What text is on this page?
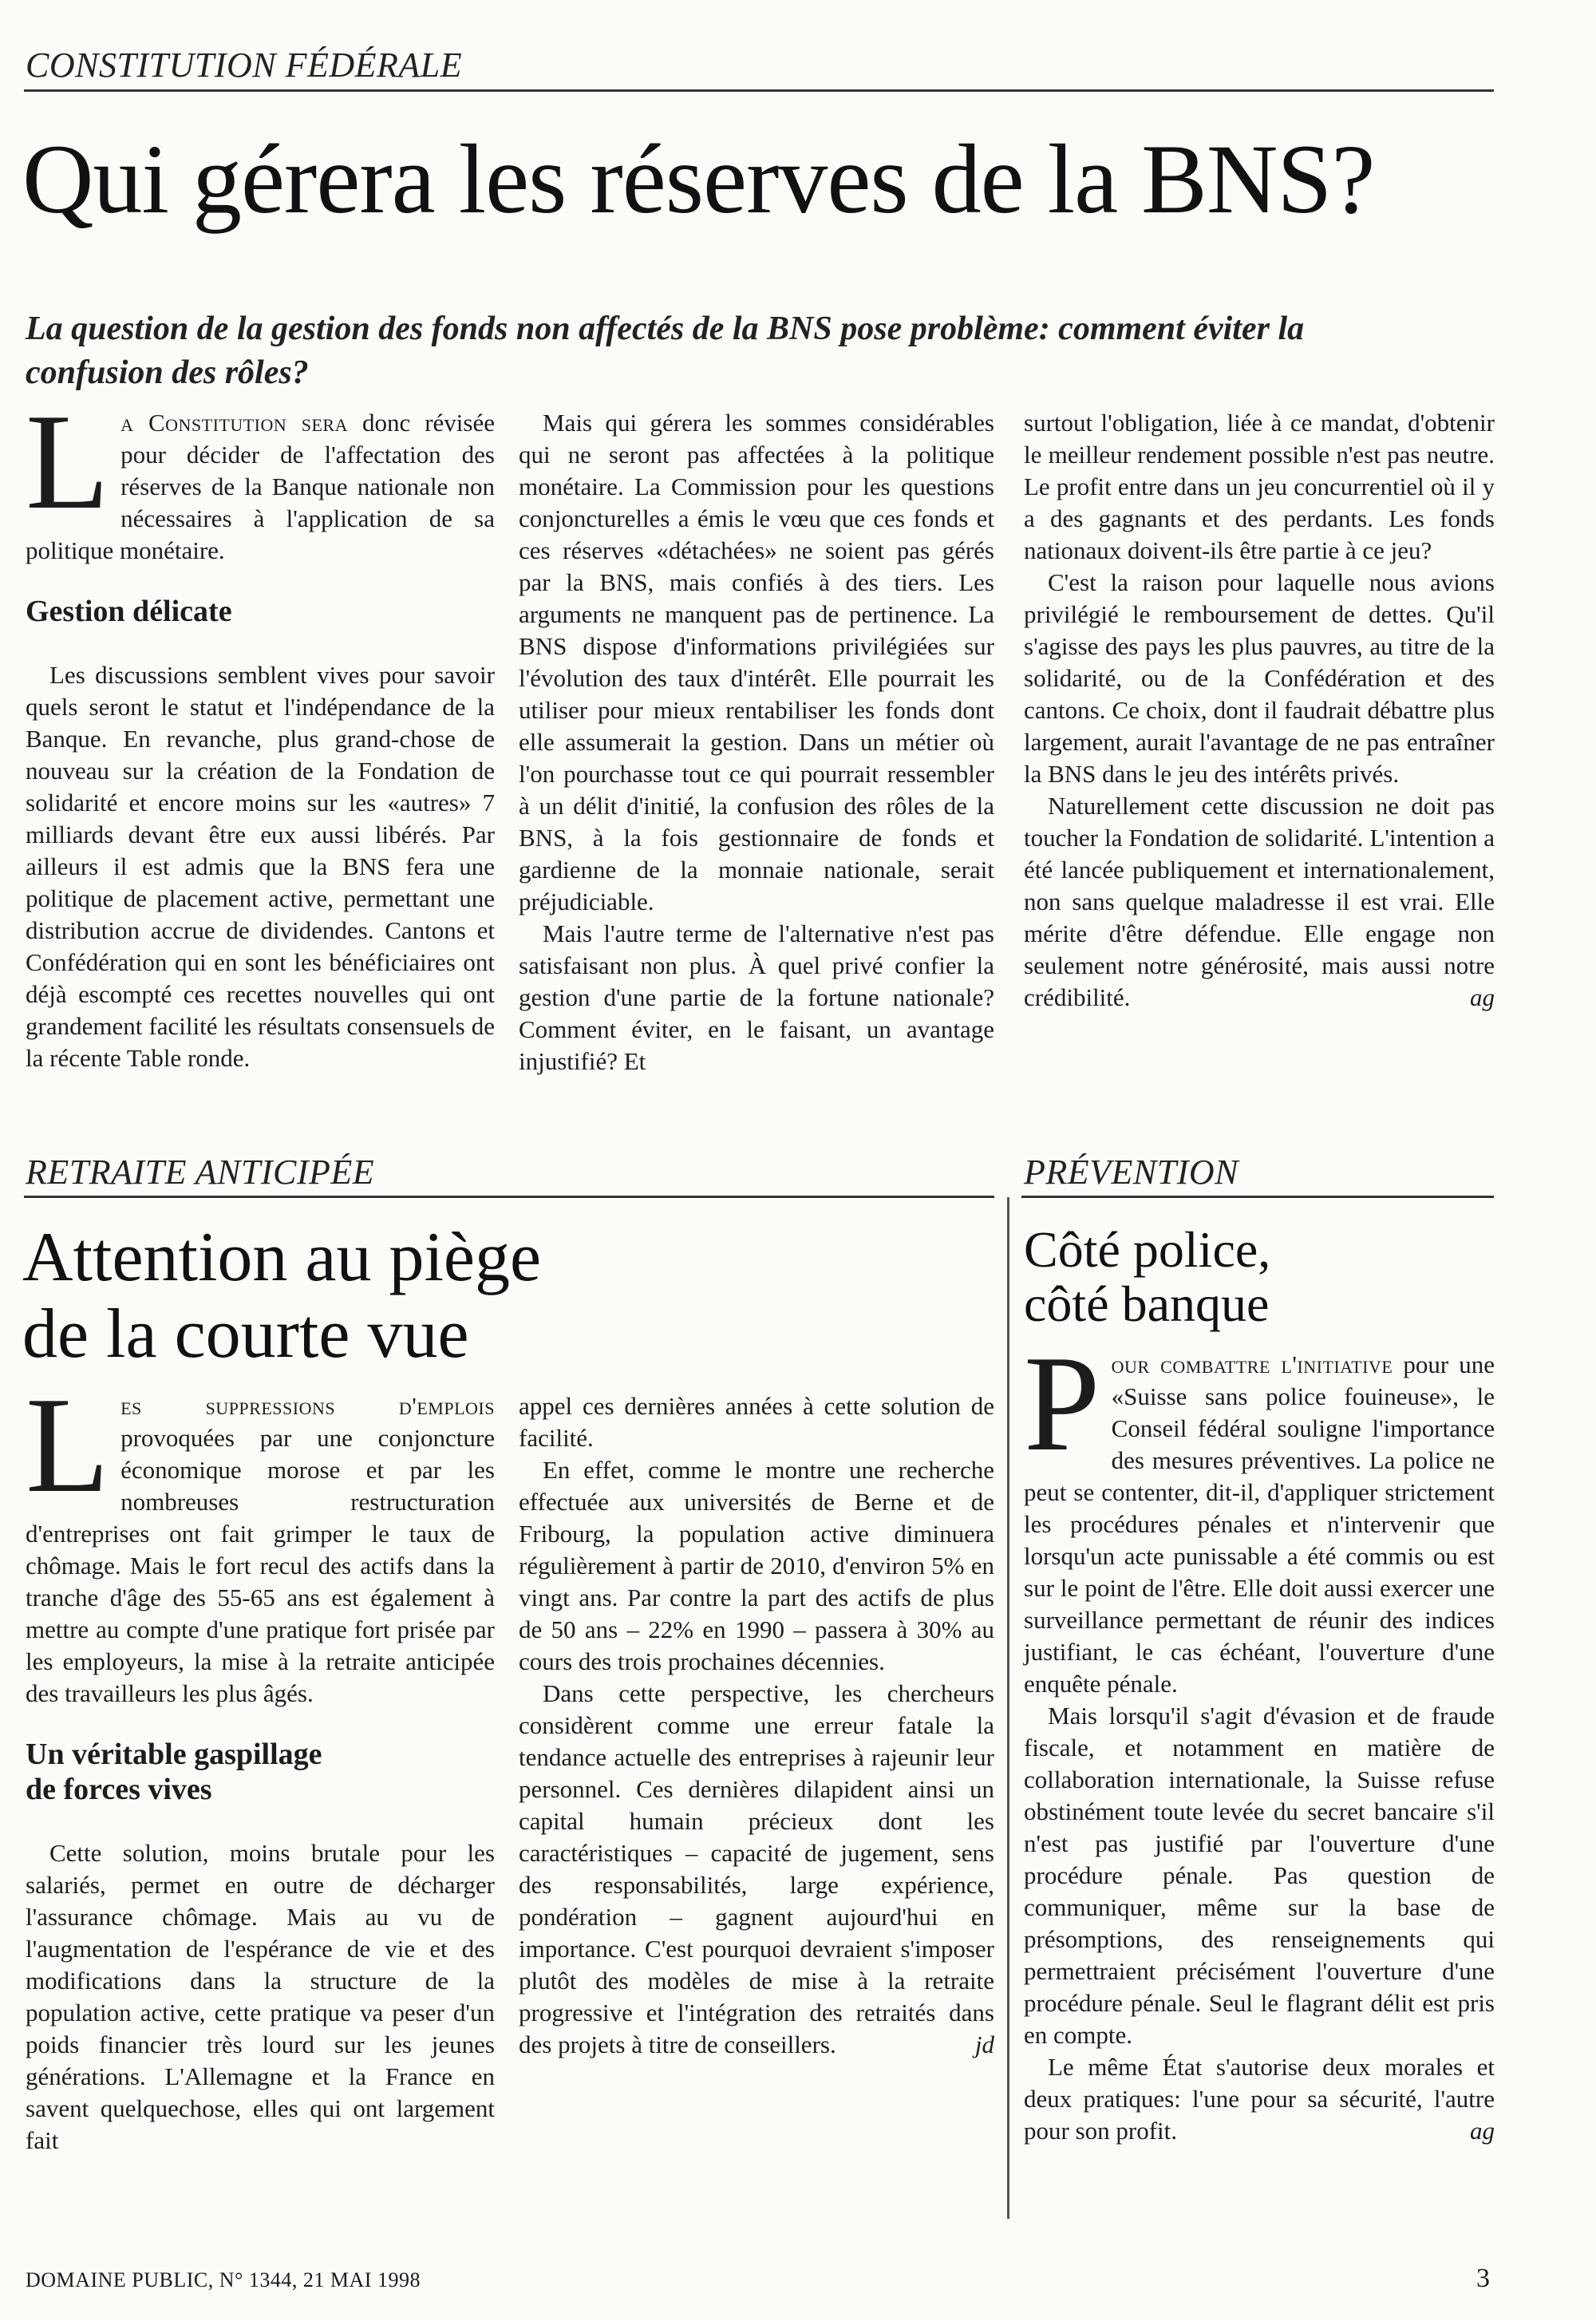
CONSTITUTION FÉDÉRALE
Qui gérera les réserves de la BNS?
La question de la gestion des fonds non affectés de la BNS pose problème: comment éviter la confusion des rôles?

La Constitution sera donc révisée pour décider de l'affectation des réserves de la Banque nationale non nécessaires à l'application de sa politique monétaire.

Gestion délicate

Les discussions semblent vives pour savoir quels seront le statut et l'indépendance de la Banque. En revanche, plus grand-chose de nouveau sur la création de la Fondation de solidarité et encore moins sur les «autres» 7 milliards devant être eux aussi libérés. Par ailleurs il est admis que la BNS fera une politique de placement active, permettant une distribution accrue de dividendes. Cantons et Confédération qui en sont les bénéficiaires ont déjà escompté ces recettes nouvelles qui ont grandement facilité les résultats consensuels de la récente Table ronde.

Mais qui gérera les sommes considérables qui ne seront pas affectées à la politique monétaire. La Commission pour les questions conjoncturelles a émis le vœu que ces fonds et ces réserves «détachées» ne soient pas gérés par la BNS, mais confiés à des tiers. Les arguments ne manquent pas de pertinence. La BNS dispose d'informations privilégiées sur l'évolution des taux d'intérêt. Elle pourrait les utiliser pour mieux rentabiliser les fonds dont elle assumerait la gestion. Dans un métier où l'on pourchasse tout ce qui pourrait ressembler à un délit d'initié, la confusion des rôles de la BNS, à la fois gestionnaire de fonds et gardienne de la monnaie nationale, serait préjudiciable.

Mais l'autre terme de l'alternative n'est pas satisfaisant non plus. À quel privé confier la gestion d'une partie de la fortune nationale? Comment éviter, en le faisant, un avantage injustifié? Et

surtout l'obligation, liée à ce mandat, d'obtenir le meilleur rendement possible n'est pas neutre. Le profit entre dans un jeu concurrentiel où il y a des gagnants et des perdants. Les fonds nationaux doivent-ils être partie à ce jeu?

C'est la raison pour laquelle nous avions privilégié le remboursement de dettes. Qu'il s'agisse des pays les plus pauvres, au titre de la solidarité, ou de la Confédération et des cantons. Ce choix, dont il faudrait débattre plus largement, aurait l'avantage de ne pas entraîner la BNS dans le jeu des intérêts privés.

Naturellement cette discussion ne doit pas toucher la Fondation de solidarité. L'intention a été lancée publiquement et internationalement, non sans quelque maladresse il est vrai. Elle mérite d'être défendue. Elle engage non seulement notre générosité, mais aussi notre crédibilité.	ag
RETRAITE ANTICIPÉE
Attention au piège
de la courte vue

Les suppressions d'emplois provoquées par une conjoncture économique morose et par les nombreuses restructuration d'entreprises ont fait grimper le taux de chômage. Mais le fort recul des actifs dans la tranche d'âge des 55-65 ans est également à mettre au compte d'une pratique fort prisée par les employeurs, la mise à la retraite anticipée des travailleurs les plus âgés.

Un véritable gaspillage
de forces vives

Cette solution, moins brutale pour les salariés, permet en outre de décharger l'assurance chômage. Mais au vu de l'augmentation de l'espérance de vie et des modifications dans la structure de la population active, cette pratique va peser d'un poids financier très lourd sur les jeunes générations. L'Allemagne et la France en savent quelquechose, elles qui ont largement fait

appel ces dernières années à cette solution de facilité.

En effet, comme le montre une recherche effectuée aux universités de Berne et de Fribourg, la population active diminuera régulièrement à partir de 2010, d'environ 5% en vingt ans. Par contre la part des actifs de plus de 50 ans – 22% en 1990 – passera à 30% au cours des trois prochaines décennies.

Dans cette perspective, les chercheurs considèrent comme une erreur fatale la tendance actuelle des entreprises à rajeunir leur personnel. Ces dernières dilapident ainsi un capital humain précieux dont les caractéristiques – capacité de jugement, sens des responsabilités, large expérience, pondération – gagnent aujourd'hui en importance. C'est pourquoi devraient s'imposer plutôt des modèles de mise à la retraite progressive et l'intégration des retraités dans des projets à titre de conseillers.	jd
PRÉVENTION
Côté police,
côté banque

Pour combattre l'initiative pour une «Suisse sans police fouineuse», le Conseil fédéral souligne l'importance des mesures préventives. La police ne peut se contenter, dit-il, d'appliquer strictement les procédures pénales et n'intervenir que lorsqu'un acte punissable a été commis ou est sur le point de l'être. Elle doit aussi exercer une surveillance permettant de réunir des indices justifiant, le cas échéant, l'ouverture d'une enquête pénale.

Mais lorsqu'il s'agit d'évasion et de fraude fiscale, et notamment en matière de collaboration internationale, la Suisse refuse obstinément toute levée du secret bancaire s'il n'est pas justifié par l'ouverture d'une procédure pénale. Pas question de communiquer, même sur la base de présomptions, des renseignements qui permettraient précisément l'ouverture d'une procédure pénale. Seul le flagrant délit est pris en compte.

Le même État s'autorise deux morales et deux pratiques: l'une pour sa sécurité, l'autre pour son profit.	ag
DOMAINE PUBLIC, N° 1344, 21 MAI 1998	3
